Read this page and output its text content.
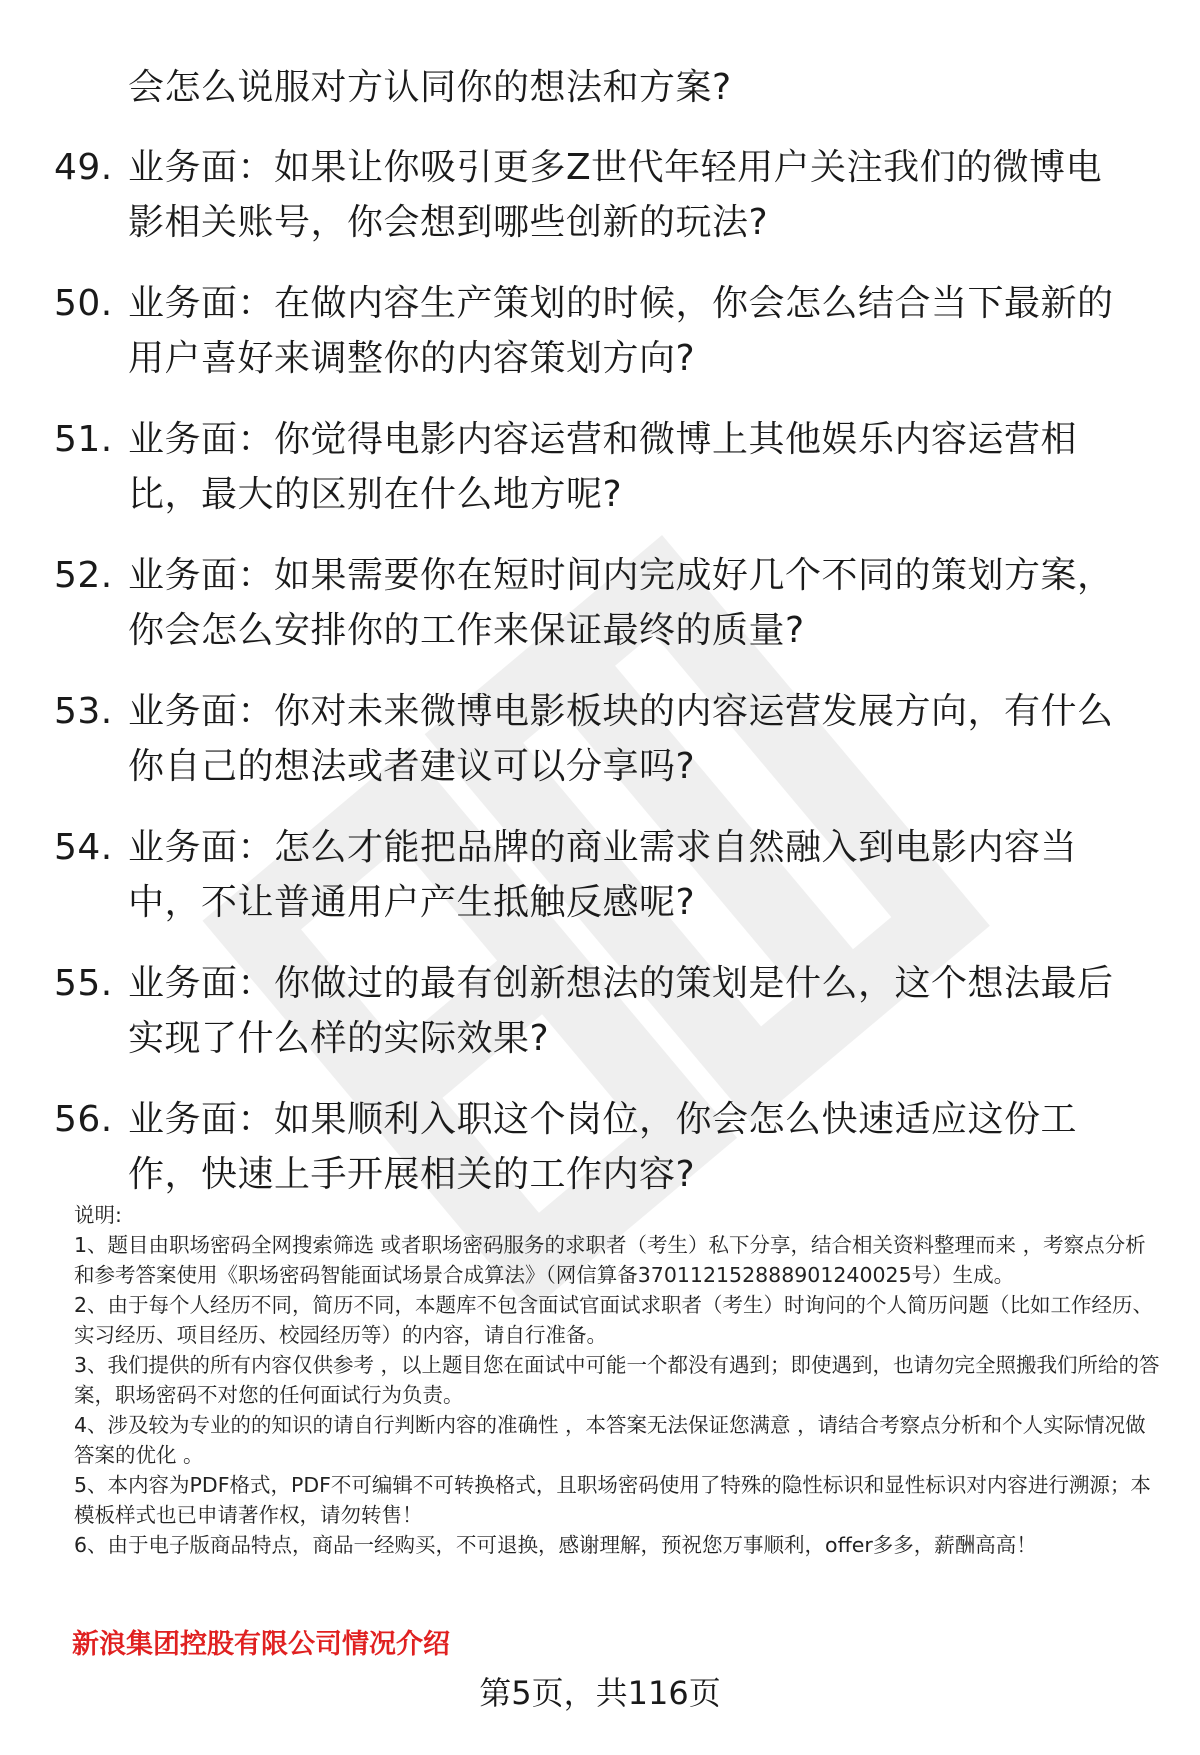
会怎么说服对方认同你的想法和方案?
49. 业务面：如果让你吸引更多Z世代年轻用户关注我们的微博电影相关账号，你会想到哪些创新的玩法?
50. 业务面：在做内容生产策划的时候，你会怎么结合当下最新的用户喜好来调整你的内容策划方向?
51. 业务面：你觉得电影内容运营和微博上其他娱乐内容运营相比，最大的区别在什么地方呢?
52. 业务面：如果需要你在短时间内完成好几个不同的策划方案，你会怎么安排你的工作来保证最终的质量?
53. 业务面：你对未来微博电影板块的内容运营发展方向，有什么你自己的想法或者建议可以分享吗?
54. 业务面：怎么才能把品牌的商业需求自然融入到电影内容当中，不让普通用户产生抵触反感呢?
55. 业务面：你做过的最有创新想法的策划是什么，这个想法最后实现了什么样的实际效果?
56. 业务面：如果顺利入职这个岗位，你会怎么快速适应这份工作，快速上手开展相关的工作内容?

说明:

1、题目由职场密码全网搜索筛选 或者职场密码服务的求职者（考生）私下分享，结合相关资料整理而来 ，考察点分析和参考答案使用《职场密码智能面试场景合成算法》（网信算备370112152888901240025号）生成。

2、由于每个人经历不同，简历不同，本题库不包含面试官面试求职者（考生）时询问的个人简历问题（比如工作经历、实习经历、项目经历、校园经历等）的内容，请自行准备。

3、我们提供的所有内容仅供参考 ，以上题目您在面试中可能一个都没有遇到；即使遇到，也请勿完全照搬我们所给的答案，职场密码不对您的任何面试行为负责。

4、涉及较为专业的的知识的请自行判断内容的准确性 ，本答案无法保证您满意 ，请结合考察点分析和个人实际情况做答案的优化 。

5、本内容为PDF格式，PDF不可编辑不可转换格式，且职场密码使用了特殊的隐性标识和显性标识对内容进行溯源；本模板样式也已申请著作权，请勿转售！

6、由于电子版商品特点，商品一经购买，不可退换，感谢理解，预祝您万事顺利，offer多多，薪酬高高！

新浪集团控股有限公司情况介绍
第5页，共116页
